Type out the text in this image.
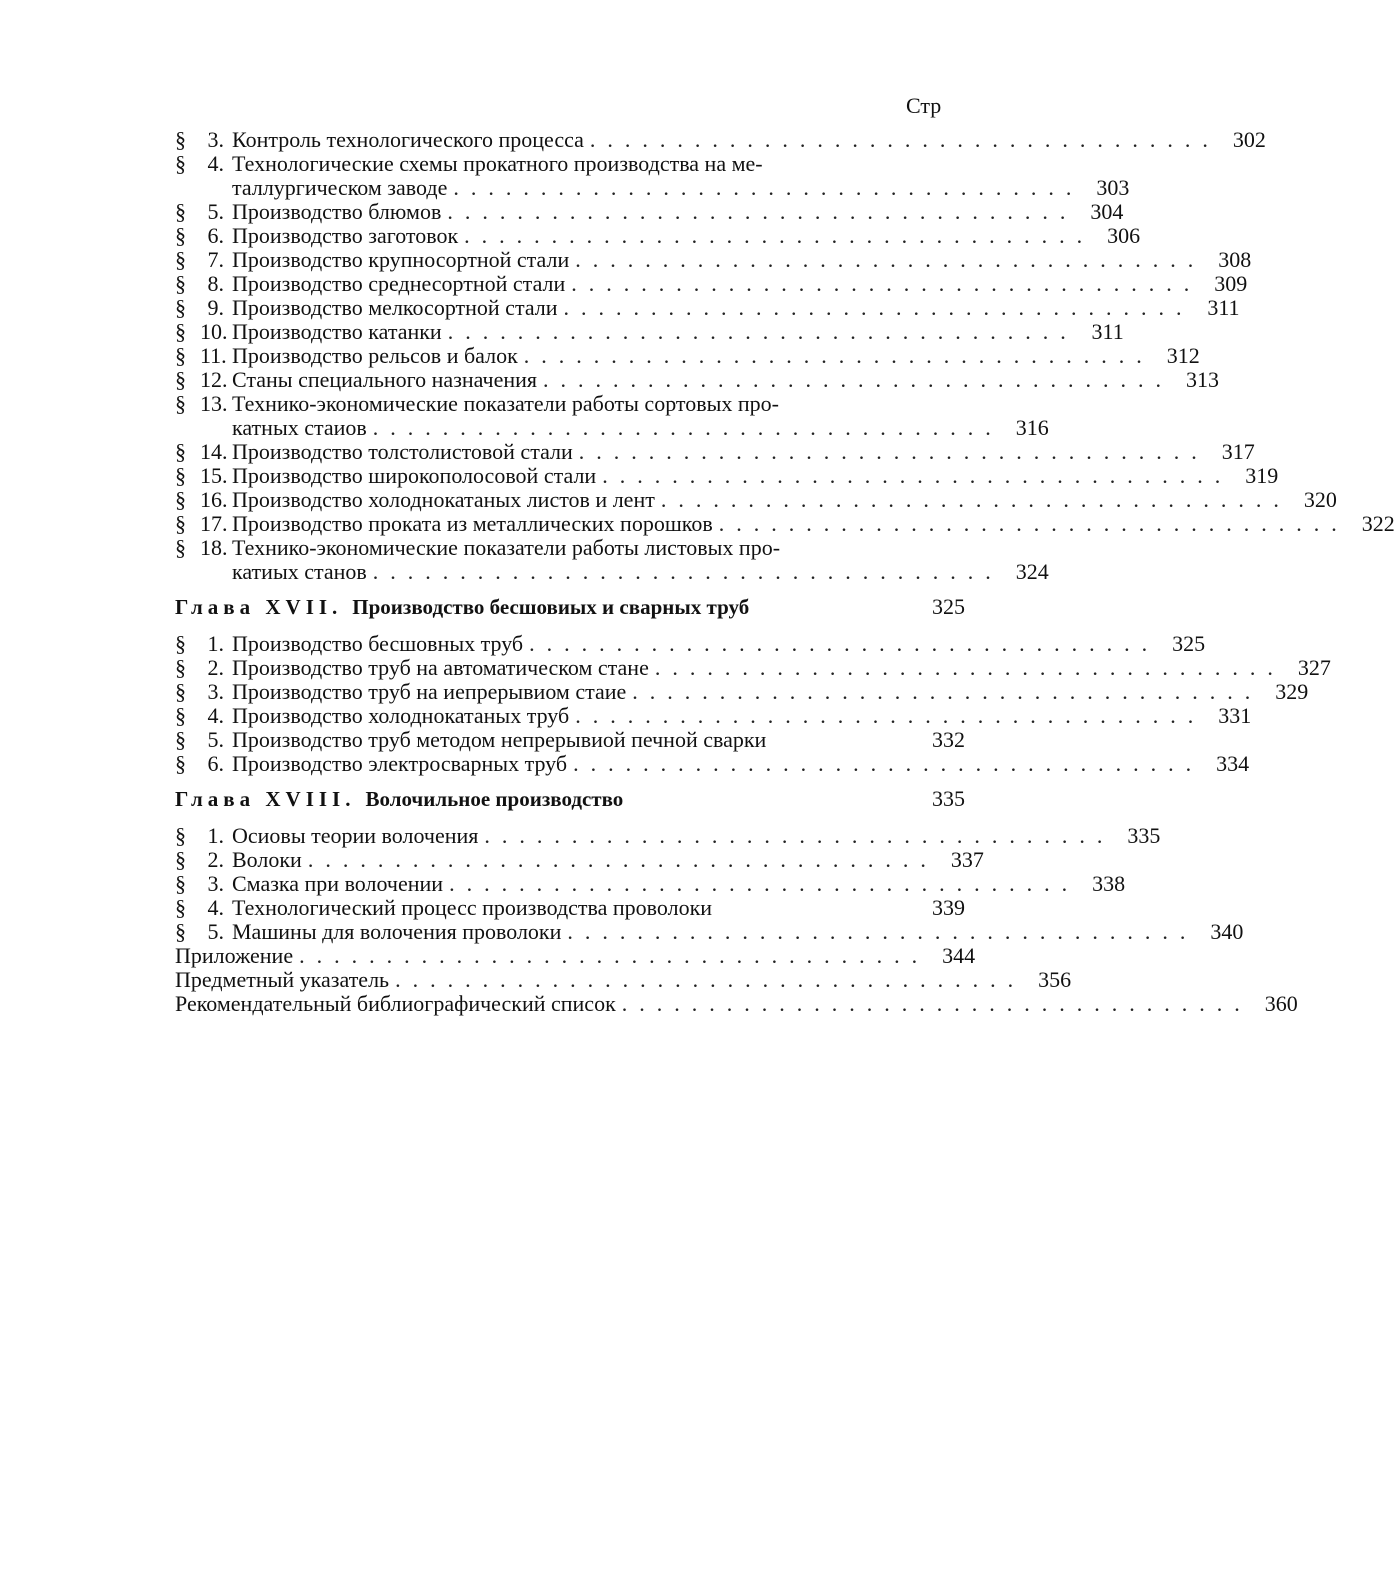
Стр
§ 3. Контроль технологического процесса .................................... 302
§ 4. Технологические схемы прокатного производства на ме-
таллургическом заводе .................................... 303
§ 5. Производство блюмов .................................... 304
§ 6. Производство заготовок .................................... 306
§ 7. Производство крупносортной стали .................................... 308
§ 8. Производство среднесортной стали .................................... 309
§ 9. Производство мелкосортной стали .................................... 311
§ 10. Производство катанки .................................... 311
§ 11. Производство рельсов и балок .................................... 312
§ 12. Станы специального назначения .................................... 313
§ 13. Технико-экономические показатели работы сортовых про-
катных стаиов .................................... 316
§ 14. Производство толстолистовой стали .................................... 317
§ 15. Производство широкополосовой стали .................................... 319
§ 16. Производство холоднокатаных листов и лент .................................... 320
§ 17. Производство проката из металлических порошков .................................... 322
§ 18. Технико-экономические показатели работы листовых про-
катиых станов .................................... 324
Глава XVII. Производство бесшовиых и сварных труб	325
§ 1. Производство бесшовных труб .................................... 325
§ 2. Производство труб на автоматическом стане .................................... 327
§ 3. Производство труб на иепрерывиом стаие .................................... 329
§ 4. Производство холоднокатаных труб .................................... 331
§ 5. Производство труб методом непрерывиой печной сварки	332
§ 6. Производство электросварных труб .................................... 334
Глава XVIII. Волочильное производство	335
§ 1. Осиовы теории волочения .................................... 335
§ 2. Волоки .................................... 337
§ 3. Смазка при волочении .................................... 338
§ 4. Технологический процесс производства проволоки	339
§ 5. Машины для волочения проволоки .................................... 340
Приложение .................................... 344
Предметный указатель .................................... 356
Рекомендательный библиографический список .................................... 360
